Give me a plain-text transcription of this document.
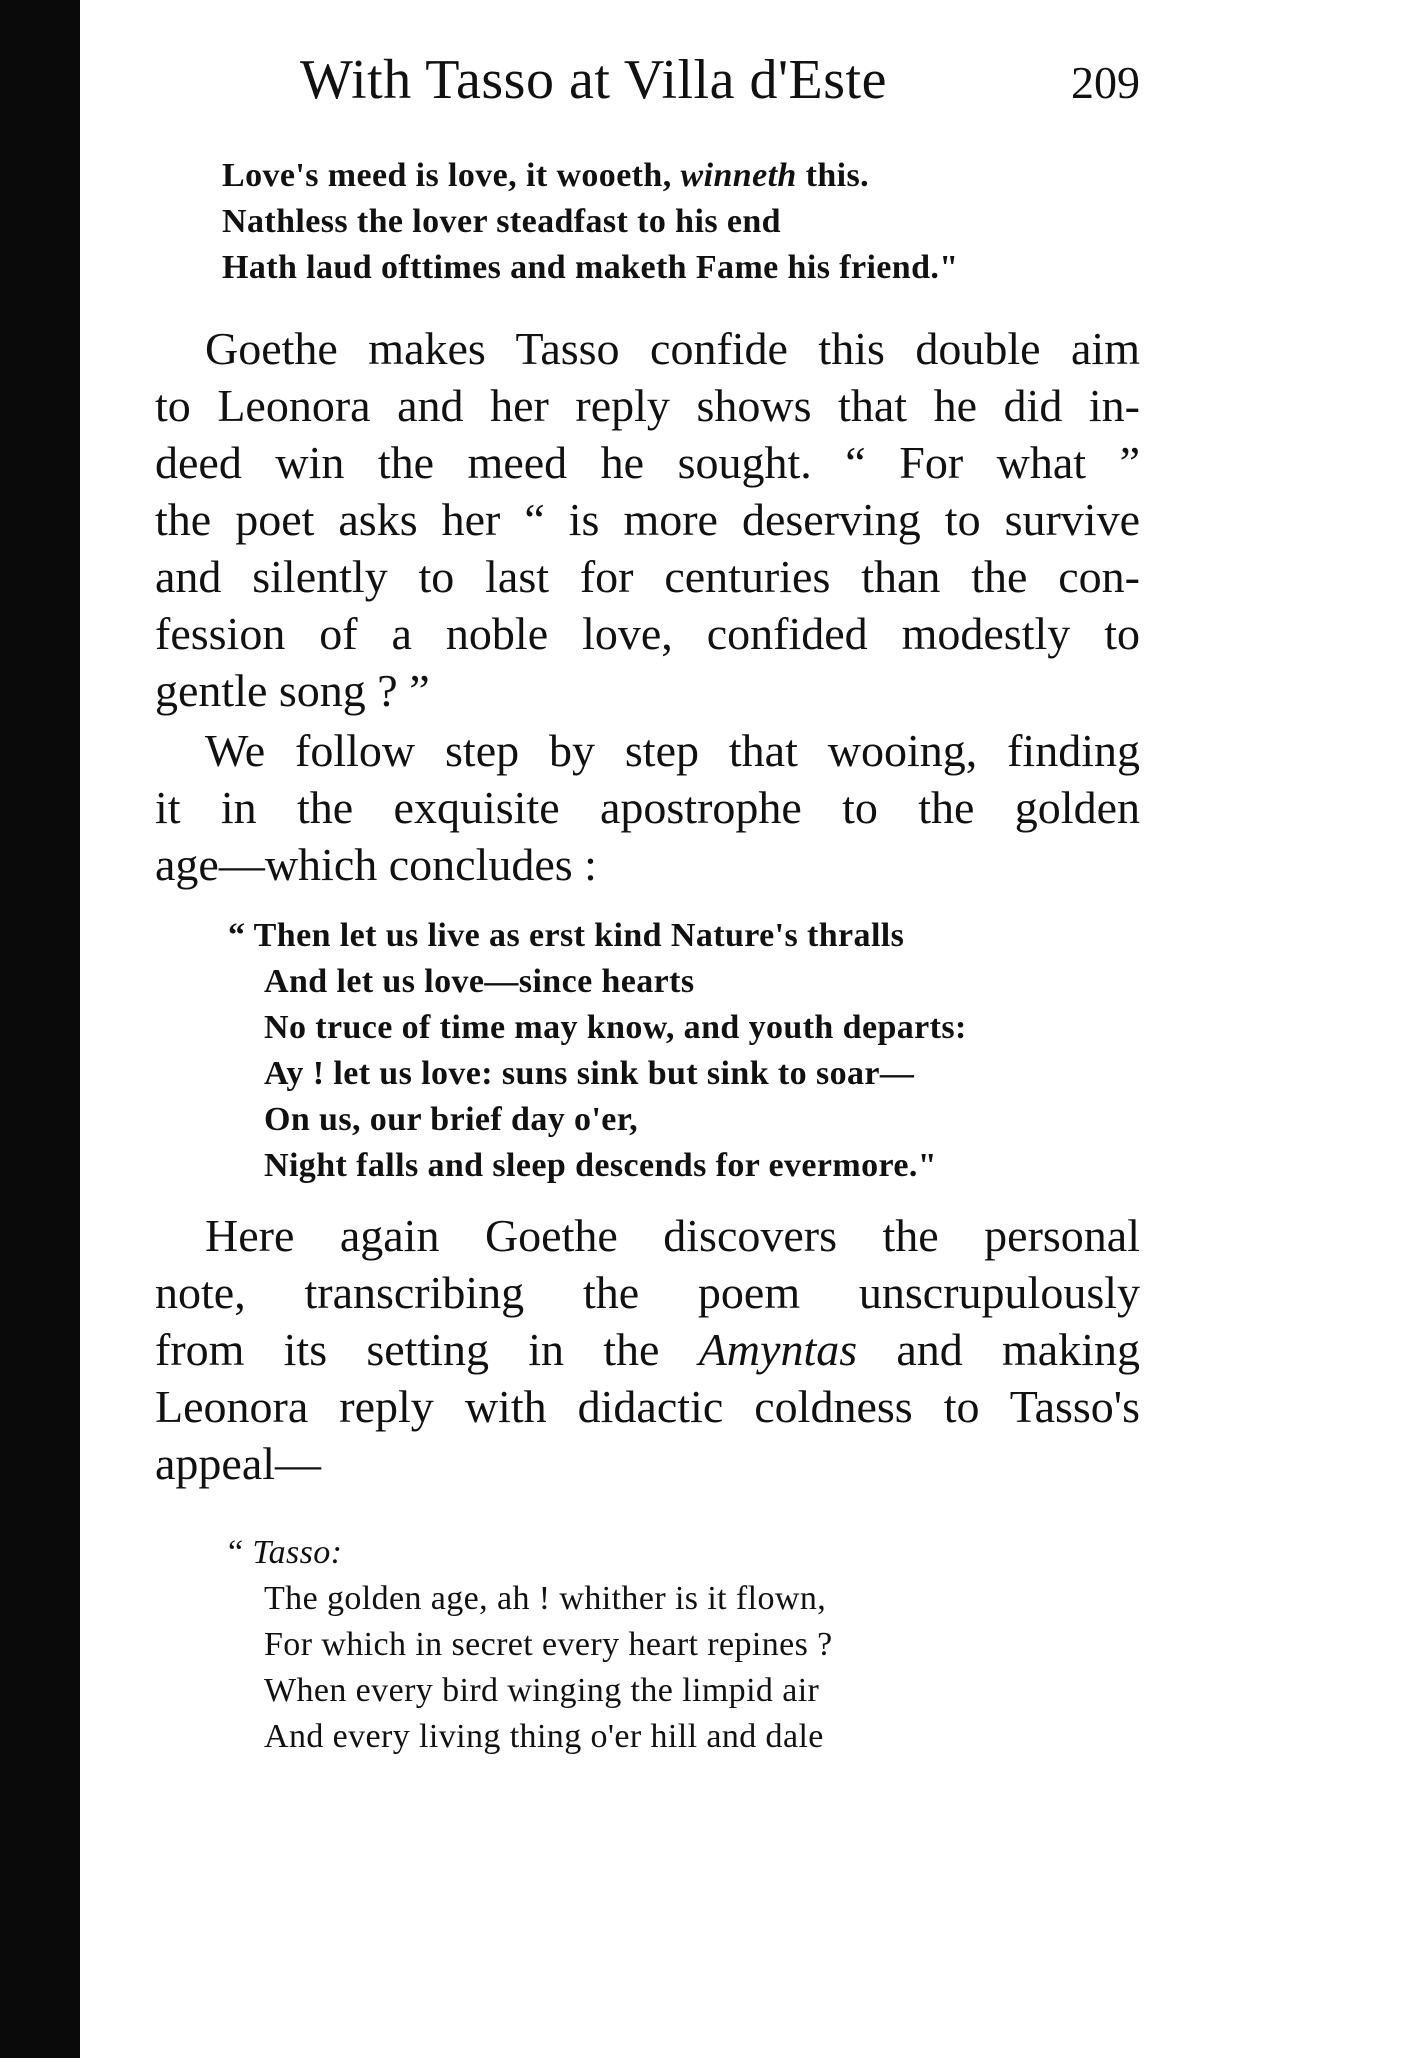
With Tasso at Villa d'Este	209
Love's meed is love, it wooeth, winneth this.
Nathless the lover steadfast to his end
Hath laud ofttimes and maketh Fame his friend."
Goethe makes Tasso confide this double aim
to Leonora and her reply shows that he did in-
deed win the meed he sought. “ For what ”
the poet asks her “ is more deserving to survive
and silently to last for centuries than the con-
fession of a noble love, confided modestly to
gentle song ? ”
We follow step by step that wooing, finding
it in the exquisite apostrophe to the golden
age—which concludes :
“ Then let us live as erst kind Nature's thralls
And let us love—since hearts
No truce of time may know, and youth departs:
Ay ! let us love: suns sink but sink to soar—
On us, our brief day o'er,
Night falls and sleep descends for evermore."
Here again Goethe discovers the personal
note, transcribing the poem unscrupulously
from its setting in the Amyntas and making
Leonora reply with didactic coldness to Tasso's
appeal—
“ Tasso:
The golden age, ah ! whither is it flown,
For which in secret every heart repines ?
When every bird winging the limpid air
And every living thing o'er hill and dale
